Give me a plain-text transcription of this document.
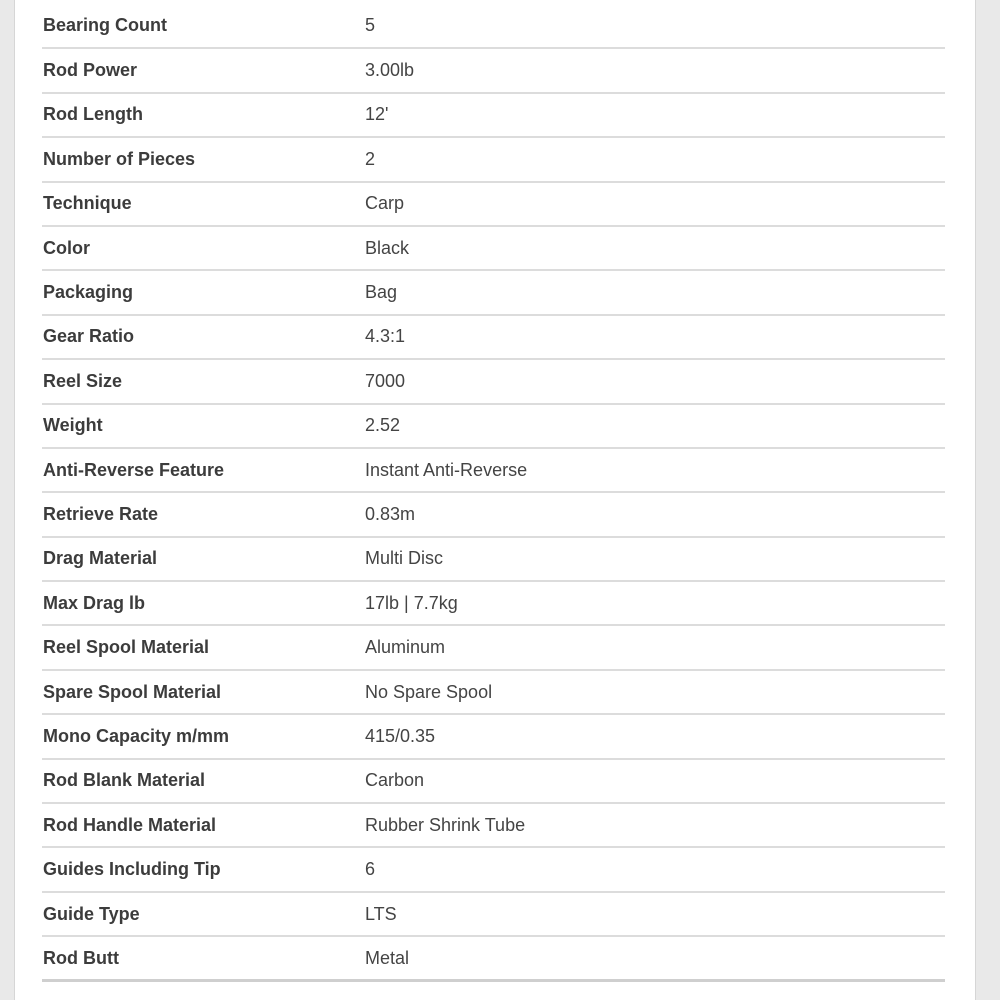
Bearing Count	5
Rod Power	3.00lb
Rod Length	12'
Number of Pieces	2
Technique	Carp
Color	Black
Packaging	Bag
Gear Ratio	4.3:1
Reel Size	7000
Weight	2.52
Anti-Reverse Feature	Instant Anti-Reverse
Retrieve Rate	0.83m
Drag Material	Multi Disc
Max Drag lb	17lb | 7.7kg
Reel Spool Material	Aluminum
Spare Spool Material	No Spare Spool
Mono Capacity m/mm	415/0.35
Rod Blank Material	Carbon
Rod Handle Material	Rubber Shrink Tube
Guides Including Tip	6
Guide Type	LTS
Rod Butt	Metal
